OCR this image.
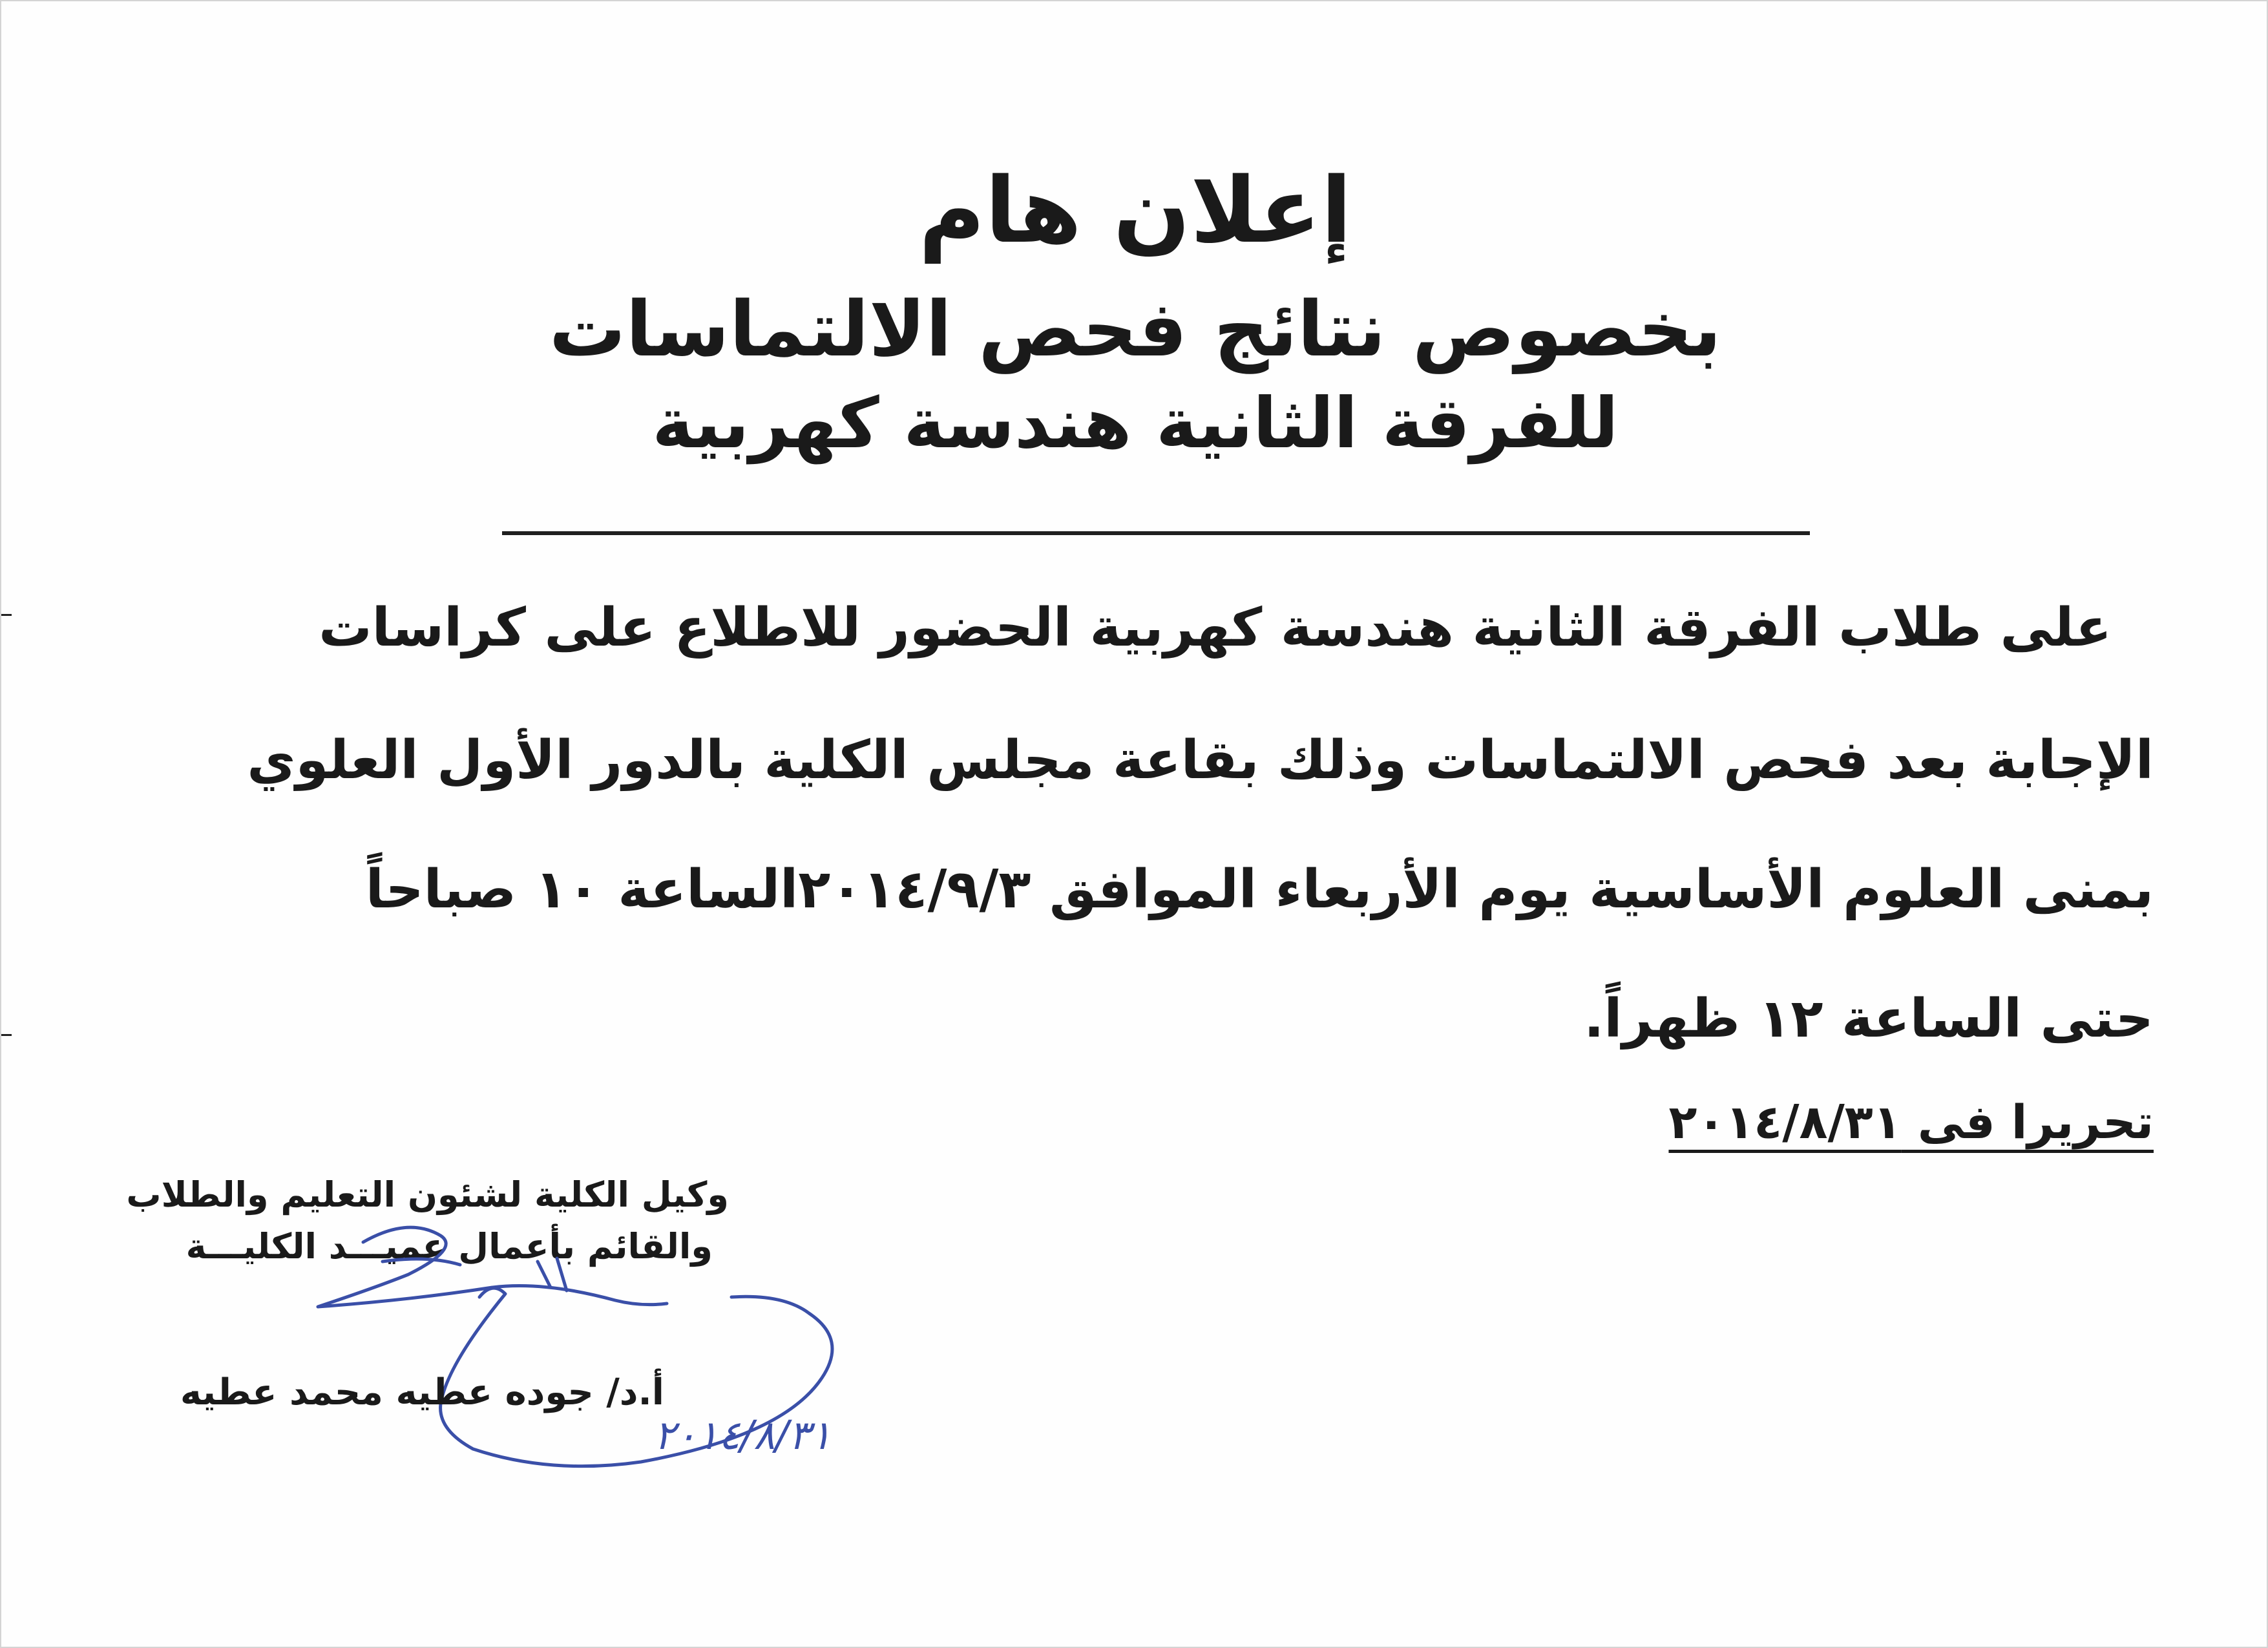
إعلان هام
بخصوص نتائج فحص الالتماسات
للفرقة الثانية هندسة كهربية

على طلاب الفرقة الثانية هندسة كهربية الحضور للاطلاع على كراسات

الإجابة بعد فحص الالتماسات وذلك بقاعة مجلس الكلية بالدور الأول العلوي

بمنى العلوم الأساسية يوم الأربعاء الموافق ٢٠١٤/٩/٣الساعة ١٠ صباحاً

حتى الساعة ١٢ ظهراً.

تحريرا فى ٢٠١٤/٨/٣١
وكيل الكلية لشئون التعليم والطلاب
والقائم بأعمال عميـــد الكليـــة
٢٠١٤/٨/٣١
أ.د/ جوده عطيه محمد عطيه
